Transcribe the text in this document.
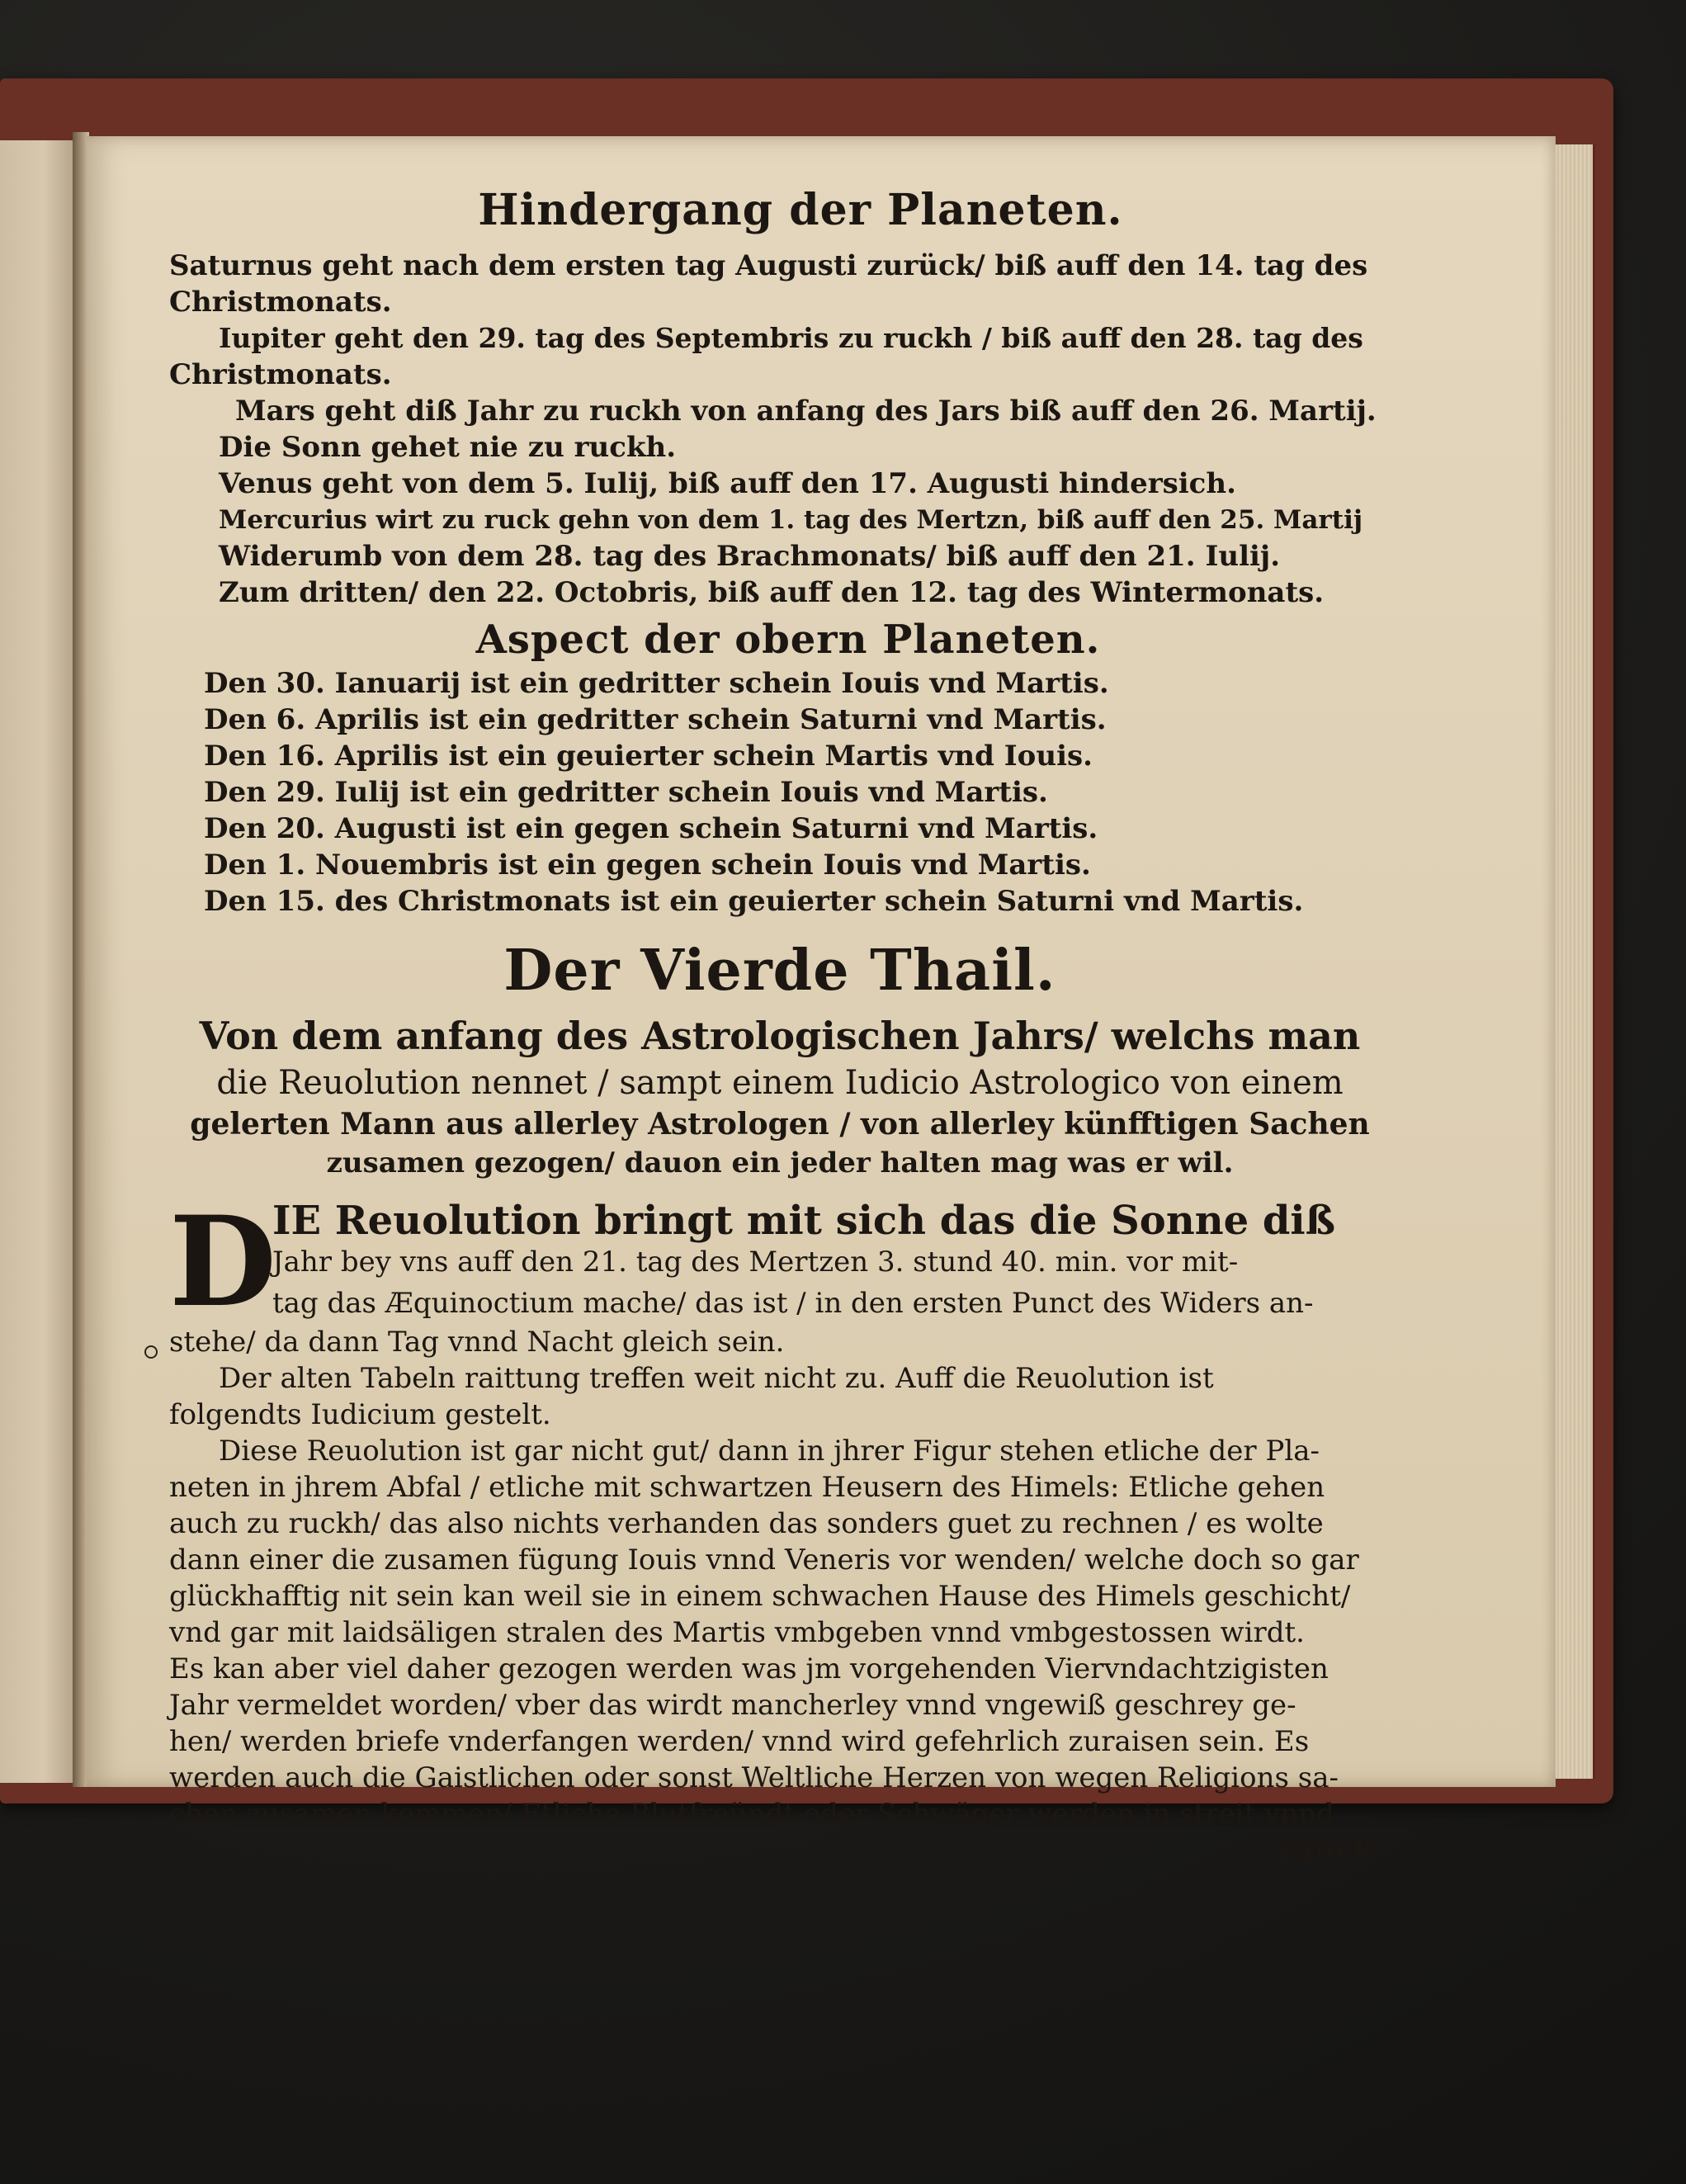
Hindergang der Planeten.
Saturnus geht nach dem ersten tag Augusti zurück/ biß auff den 14. tag des
Christmonats.
Iupiter geht den 29. tag des Septembris zu ruckh / biß auff den 28. tag des
Christmonats.
Mars geht diß Jahr zu ruckh von anfang des Jars biß auff den 26. Martij.
Die Sonn gehet nie zu ruckh.
Venus geht von dem 5. Iulij, biß auff den 17. Augusti hindersich.
Mercurius wirt zu ruck gehn von dem 1. tag des Mertzn, biß auff den 25. Martij
Widerumb von dem 28. tag des Brachmonats/ biß auff den 21. Iulij.
Zum dritten/ den 22. Octobris, biß auff den 12. tag des Wintermonats.
Aspect der obern Planeten.
Den 30. Ianuarij ist ein gedritter schein Iouis vnd Martis.
Den 6. Aprilis ist ein gedritter schein Saturni vnd Martis.
Den 16. Aprilis ist ein geuierter schein Martis vnd Iouis.
Den 29. Iulij ist ein gedritter schein Iouis vnd Martis.
Den 20. Augusti ist ein gegen schein Saturni vnd Martis.
Den 1. Nouembris ist ein gegen schein Iouis vnd Martis.
Den 15. des Christmonats ist ein geuierter schein Saturni vnd Martis.
Der Vierde Thail.
Von dem anfang des Astrologischen Jahrs/ welchs man
die Reuolution nennet / sampt einem Iudicio Astrologico von einem
gelerten Mann aus allerley Astrologen / von allerley künfftigen Sachen
zusamen gezogen/ dauon ein jeder halten mag was er wil.
D
IE Reuolution bringt mit sich das die Sonne diß
Jahr bey vns auff den 21. tag des Mertzen 3. stund 40. min. vor mit-
tag das Æquinoctium mache/ das ist / in den ersten Punct des Widers an-
stehe/ da dann Tag vnnd Nacht gleich sein.
Der alten Tabeln raittung treffen weit nicht zu. Auff die Reuolution ist
folgendts Iudicium gestelt.
Diese Reuolution ist gar nicht gut/ dann in jhrer Figur stehen etliche der Pla-
neten in jhrem Abfal / etliche mit schwartzen Heusern des Himels: Etliche gehen
auch zu ruckh/ das also nichts verhanden das sonders guet zu rechnen / es wolte
dann einer die zusamen fügung Iouis vnnd Veneris vor wenden/ welche doch so gar
glückhafftig nit sein kan weil sie in einem schwachen Hause des Himels geschicht/
vnd gar mit laidsäligen stralen des Martis vmbgeben vnnd vmbgestossen wirdt.
Es kan aber viel daher gezogen werden was jm vorgehenden Viervndachtzigisten
Jahr vermeldet worden/ vber das wirdt mancherley vnnd vngewiß geschrey ge-
hen/ werden briefe vnderfangen werden/ vnnd wird gefehrlich zuraisen sein. Es
werden auch die Gaistlichen oder sonst Weltliche Herzen von wegen Religions sa-
chen zusamen kommen/ Etliche Blutfreündt oder Schwäger werden in streit vnnd
zanck
